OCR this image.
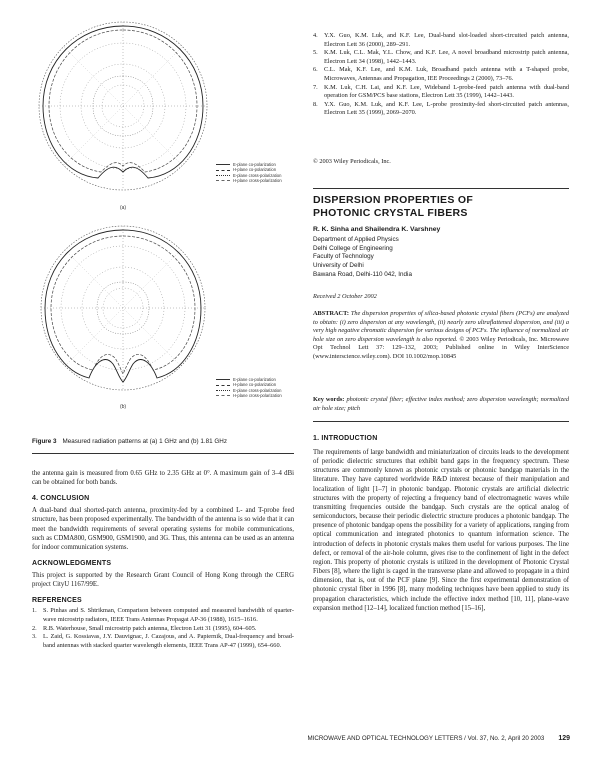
(a)
E-plane co-polarization
H-plane co-polarization
E-plane cross-polarization
H-plane cross-polarization
(b)
E-plane co-polarization
H-plane co-polarization
E-plane cross-polarization
H-plane cross-polarization
Figure 3 Measured radiation patterns at (a) 1 GHz and (b) 1.81 GHz

the antenna gain is measured from 0.65 GHz to 2.35 GHz at 0°. A maximum gain of 3–4 dBi can be obtained for both bands.

4. CONCLUSION

A dual-band dual shorted-patch antenna, proximity-fed by a combined L- and T-probe feed structure, has been proposed experimentally. The bandwidth of the antenna is so wide that it can meet the bandwidth requirements of several operating systems for mobile communications, such as CDMA800, GSM900, GSM1900, and 3G. Thus, this antenna can be used as an antenna for indoor communication systems.

ACKNOWLEDGMENTS

This project is supported by the Research Grant Council of Hong Kong through the CERG project CityU 1167/99E.

REFERENCES
1. S. Pinhas and S. Shtrikman, Comparison between computed and measured bandwidth of quarter-wave microstrip radiators, IEEE Trans Antennas Propagat AP-36 (1988), 1615–1616.
2. R.B. Waterhouse, Small microstrip patch antenna, Electron Lett 31 (1995), 604–605.
3. L. Zaid, G. Kossiavas, J.Y. Dauvignac, J. Cazajous, and A. Papiernik, Dual-frequency and broad-band antennas with stacked quarter wavelength elements, IEEE Trans AP-47 (1999), 654–660.
4. Y.X. Guo, K.M. Luk, and K.F. Lee, Dual-band slot-loaded short-circuited patch antenna, Electron Lett 36 (2000), 289–291.
5. K.M. Luk, C.L. Mak, Y.L. Chow, and K.F. Lee, A novel broadband microstrip patch antenna, Electron Lett 34 (1998), 1442–1443.
6. C.L. Mak, K.F. Lee, and K.M. Luk, Broadband patch antenna with a T-shaped probe, Microwaves, Antennas and Propagation, IEE Proceedings 2 (2000), 73–76.
7. K.M. Luk, C.H. Lai, and K.F. Lee, Wideband L-probe-feed patch antenna with dual-band operation for GSM/PCS base stations, Electron Lett 35 (1999), 1442–1443.
8. Y.X. Guo, K.M. Luk, and K.F. Lee, L-probe proximity-fed short-circuited patch antennas, Electron Lett 35 (1999), 2069–2070.
© 2003 Wiley Periodicals, Inc.
DISPERSION PROPERTIES OF
PHOTONIC CRYSTAL FIBERS
R. K. Sinha and Shailendra K. Varshney
Department of Applied Physics
Delhi College of Engineering
Faculty of Technology
University of Delhi
Bawana Road, Delhi-110 042, India
Received 2 October 2002
ABSTRACT: The dispersion properties of silica-based photonic crystal fibers (PCFs) are analyzed to obtain: (i) zero dispersion at any wavelength, (ii) nearly zero ultraflattened dispersion, and (iii) a very high negative chromatic dispersion for various designs of PCFs. The influence of normalized air hole size on zero dispersion wavelength is also reported. © 2003 Wiley Periodicals, Inc. Microwave Opt Technol Lett 37: 129–132, 2003; Published online in Wiley InterScience (www.interscience.wiley.com). DOI 10.1002/mop.10845
Key words: photonic crystal fiber; effective index method; zero dispersion wavelength; normalized air hole size; pitch
1. INTRODUCTION

The requirements of large bandwidth and miniaturization of circuits leads to the development of periodic dielectric structures that exhibit band gaps in the frequency spectrum. These structures are commonly known as photonic crystals or photonic bandgap materials in the literature. They have captured worldwide R&D interest because of their manipulation and localization of light [1–7] in photonic bandgap. Photonic crystals are artificial dielectric structures with the property of rejecting a frequency band of electromagnetic waves while transmitting frequencies outside the bandgap. Such crystals are the optical analog of semiconductors, because their periodic dielectric structure produces a photonic bandgap. The presence of photonic bandgap opens the possibility for a variety of applications, ranging from optical communication and integrated photonics to quantum information science. The introduction of defects in photonic crystals makes them useful for various purposes. The line defect, or removal of the air-hole column, gives rise to the confinement of light in the defect region. This property of photonic crystals is utilized in the development of Photonic Crystal Fibers [8], where the light is caged in the transverse plane and allowed to propagate in a third dimension, that is, out of the PCF plane [9]. Since the first experimental demonstration of photonic crystal fiber in 1996 [8], many modeling techniques have been applied to study its propagation characteristics, which include the effective index method [10, 11], plane-wave expansion method [12–14], localized function method [15–16],

MICROWAVE AND OPTICAL TECHNOLOGY LETTERS / Vol. 37, No. 2, April 20 2003 129
